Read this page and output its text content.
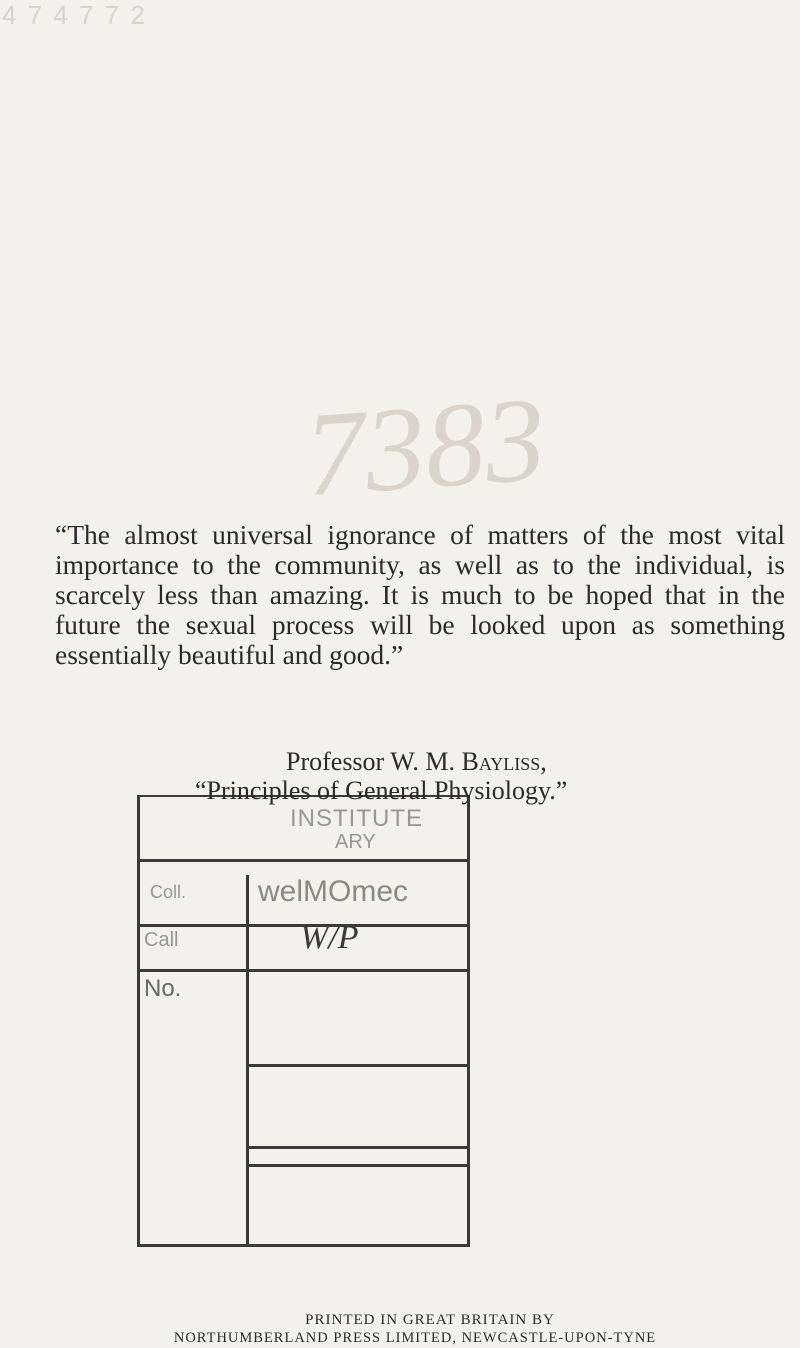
4 7 4 7 7 2
7383

“The almost universal ignorance of matters of the most vital importance to the community, as well as to the individual, is scarcely less than amazing. It is much to be hoped that in the future the sexual process will be looked upon as something essentially beautiful and good.”

Professor W. M. Bayliss,
INSTITUTE
ARY
Coll. welMOmec
Call	W/P
No.
“Principles of General Physiology.”
PRINTED IN GREAT BRITAIN BY
NORTHUMBERLAND PRESS LIMITED, NEWCASTLE-UPON-TYNE
